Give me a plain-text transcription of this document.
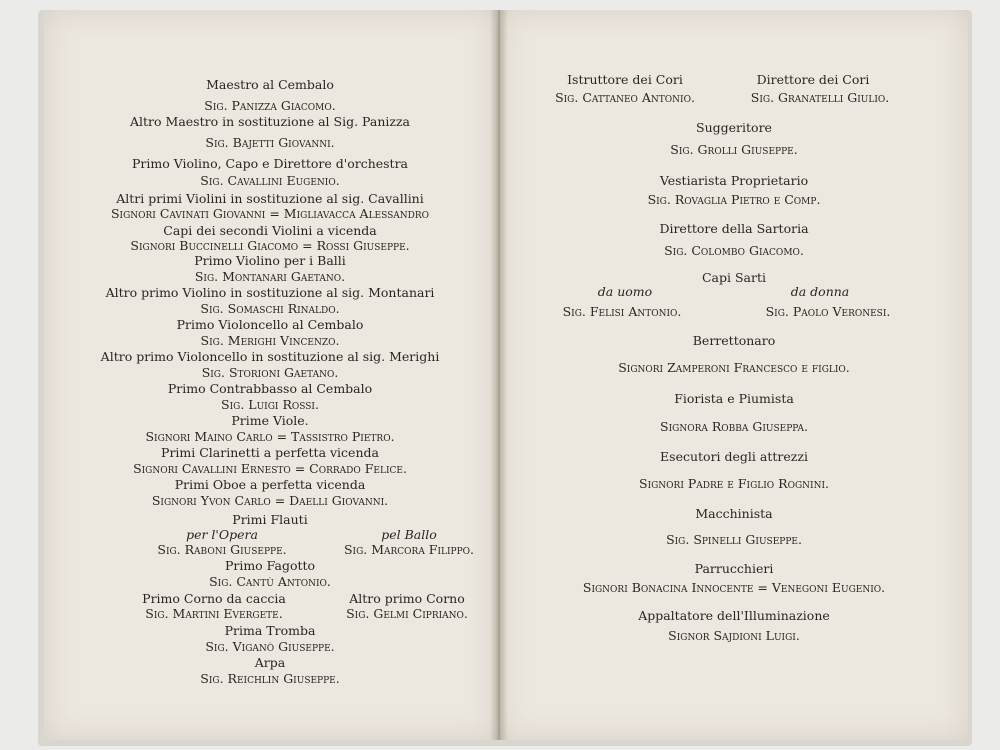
Maestro al Cembalo
Sig. Panizza Giacomo.
Altro Maestro in sostituzione al Sig. Panizza
Sig. Bajetti Giovanni.
Primo Violino, Capo e Direttore d'orchestra
Sig. Cavallini Eugenio.
Altri primi Violini in sostituzione al sig. Cavallini
Signori Cavinati Giovanni = Migliavacca Alessandro
Capi dei secondi Violini a vicenda
Signori Buccinelli Giacomo = Rossi Giuseppe.
Primo Violino per i Balli
Sig. Montanari Gaetano.
Altro primo Violino in sostituzione al sig. Montanari
Sig. Somaschi Rinaldo.
Primo Violoncello al Cembalo
Sig. Merighi Vincenzo.
Altro primo Violoncello in sostituzione al sig. Merighi
Sig. Storioni Gaetano.
Primo Contrabbasso al Cembalo
Sig. Luigi Rossi.
Prime Viole.
Signori Maino Carlo = Tassistro Pietro.
Primi Clarinetti a perfetta vicenda
Signori Cavallini Ernesto = Corrado Felice.
Primi Oboe a perfetta vicenda
Signori Yvon Carlo = Daelli Giovanni.
Primi Flauti
per l'Opera	pel Ballo
Sig. Raboni Giuseppe.	Sig. Marcora Filippo.
Primo Fagotto
Sig. Cantù Antonio.
Primo Corno da caccia	Altro primo Corno
Sig. Martini Evergete.	Sig. Gelmi Cipriano.
Prima Tromba
Sig. Viganò Giuseppe.
Arpa
Sig. Reichlin Giuseppe.
Istruttore dei Cori	Direttore dei Cori
Sig. Cattaneo Antonio.	Sig. Granatelli Giulio.
Suggeritore
Sig. Grolli Giuseppe.
Vestiarista Proprietario
Sig. Rovaglia Pietro e Comp.
Direttore della Sartoria
Sig. Colombo Giacomo.
Capi Sarti
da uomo	da donna
Sig. Felisi Antonio.	Sig. Paolo Veronesi.
Berrettonaro
Signori Zamperoni Francesco e figlio.
Fiorista e Piumista
Signora Robba Giuseppa.
Esecutori degli attrezzi
Signori Padre e Figlio Rognini.
Macchinista
Sig. Spinelli Giuseppe.
Parrucchieri
Signori Bonacina Innocente = Venegoni Eugenio.
Appaltatore dell'Illuminazione
Signor Sajdioni Luigi.
